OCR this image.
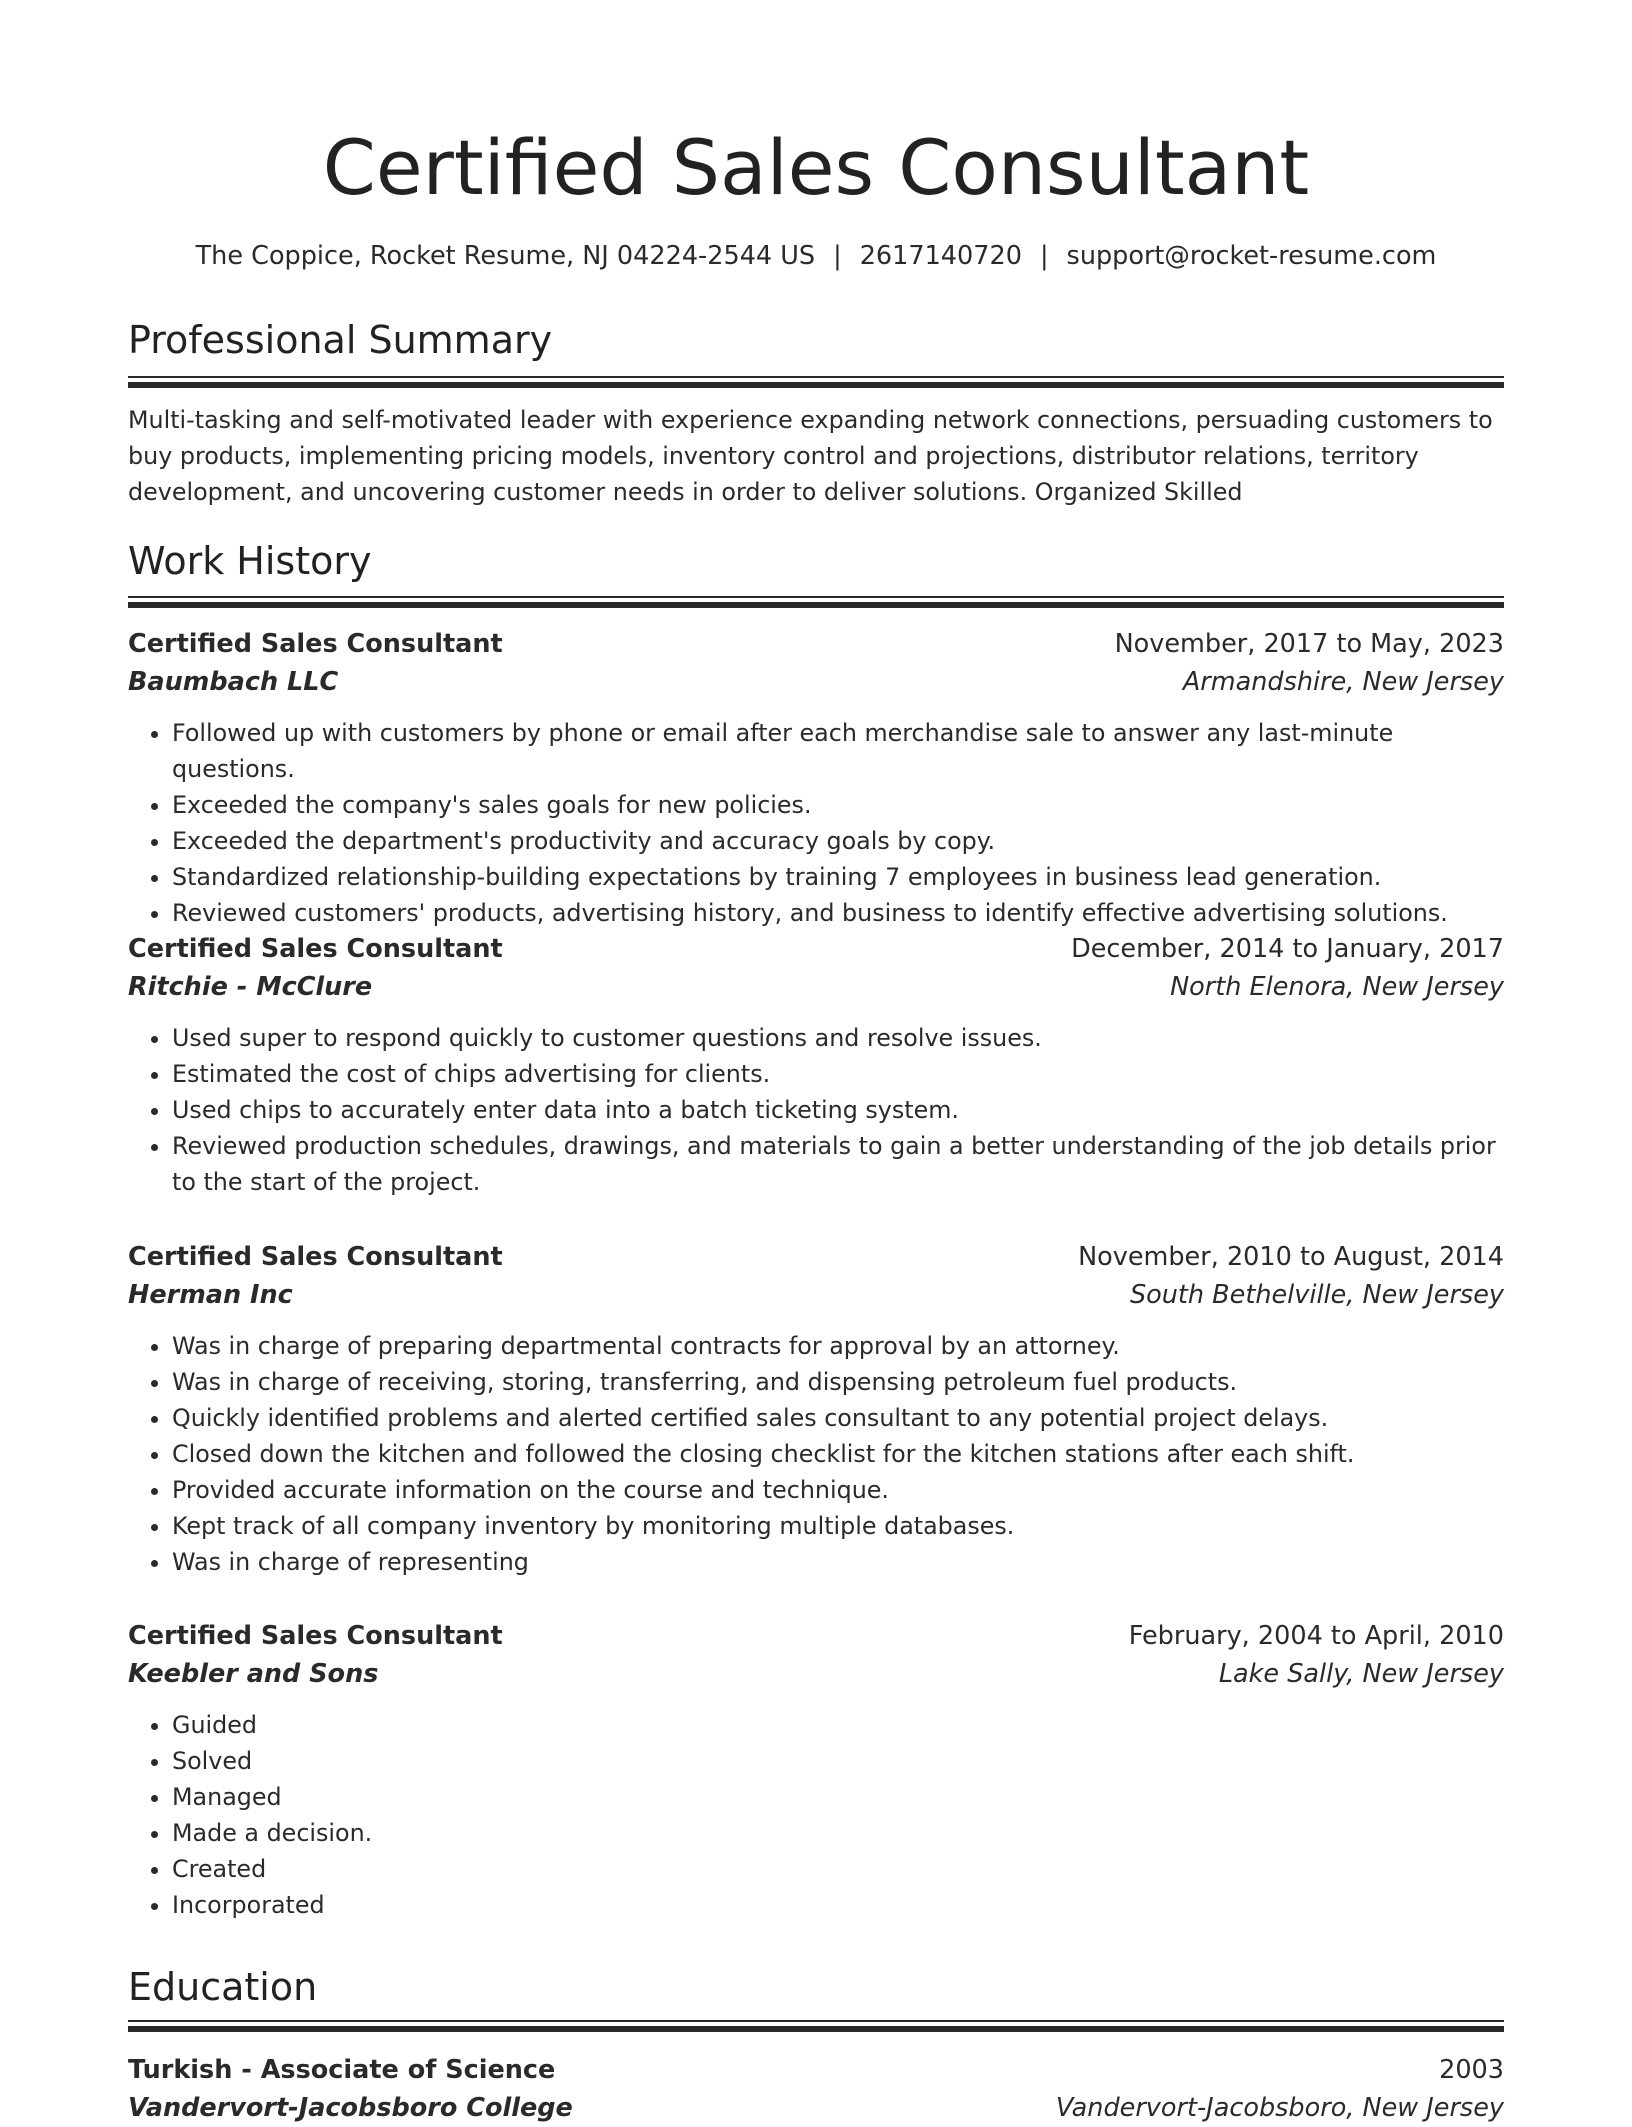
Certified Sales Consultant
The Coppice, Rocket Resume, NJ 04224-2544 US | 2617140720 | support@rocket-resume.com
Professional Summary

Multi-tasking and self-motivated leader with experience expanding network connections, persuading customers to buy products, implementing pricing models, inventory control and projections, distributor relations, territory development, and uncovering customer needs in order to deliver solutions. Organized Skilled

Work History
Certified Sales Consultant	November, 2017 to May, 2023
Baumbach LLC	Armandshire, New Jersey
• Followed up with customers by phone or email after each merchandise sale to answer any last-minute questions.
• Exceeded the company's sales goals for new policies.
• Exceeded the department's productivity and accuracy goals by copy.
• Standardized relationship-building expectations by training 7 employees in business lead generation.
• Reviewed customers' products, advertising history, and business to identify effective advertising solutions.
Certified Sales Consultant	December, 2014 to January, 2017
Ritchie - McClure	North Elenora, New Jersey
• Used super to respond quickly to customer questions and resolve issues.
• Estimated the cost of chips advertising for clients.
• Used chips to accurately enter data into a batch ticketing system.
• Reviewed production schedules, drawings, and materials to gain a better understanding of the job details prior to the start of the project.
Certified Sales Consultant	November, 2010 to August, 2014
Herman Inc	South Bethelville, New Jersey
• Was in charge of preparing departmental contracts for approval by an attorney.
• Was in charge of receiving, storing, transferring, and dispensing petroleum fuel products.
• Quickly identified problems and alerted certified sales consultant to any potential project delays.
• Closed down the kitchen and followed the closing checklist for the kitchen stations after each shift.
• Provided accurate information on the course and technique.
• Kept track of all company inventory by monitoring multiple databases.
• Was in charge of representing
Certified Sales Consultant	February, 2004 to April, 2010
Keebler and Sons	Lake Sally, New Jersey
• Guided
• Solved
• Managed
• Made a decision.
• Created
• Incorporated
Education
Turkish - Associate of Science	2003
Vandervort-Jacobsboro College	Vandervort-Jacobsboro, New Jersey
